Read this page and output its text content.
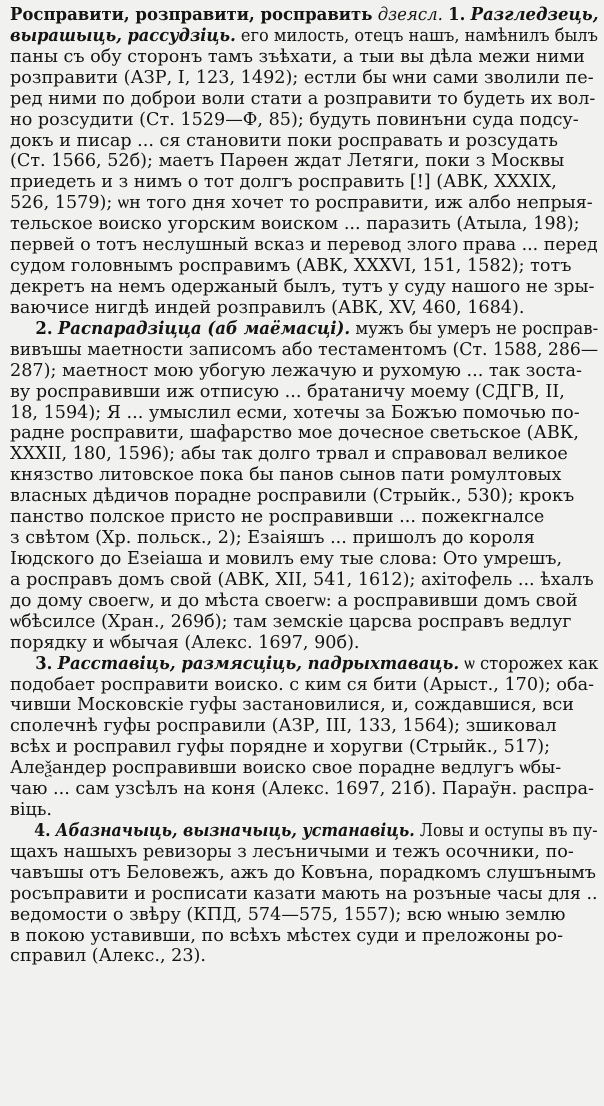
Росправити, розправити, росправить дзеясл. 1. Разгледзець,
вырашыць, рассудзiць. его милость, отецъ нашъ, намѣнилъ былъ
паны съ обу сторонъ тамъ зъѣхати, а тыи вы дѣла межи ними
розправити (АЗР, I, 123, 1492); естли бы ѡни сами зволили пе-
ред ними по доброи воли стати а розправити то будеть их вол-
но розсудити (Ст. 1529—Ф, 85); будуть повинъни суда подсу-
докъ и писар ... ся становити поки росправать и розсудать
(Ст. 1566, 52б); маетъ Парѳен ждат Летяги, поки з Москвы
приедеть и з нимъ о тот долгъ росправить [!] (АВК, XXXIX,
526, 1579); ѡн того дня хочет то росправити, иж албо непрыя-
тельское воиско угорским воиском ... паразить (Атыла, 198);
первей о тотъ неслушный всказ и перевод злого права ... перед
судом головнымъ росправимъ (АВК, XXXVI, 151, 1582); тотъ
декретъ на немъ одержаный былъ, тутъ у суду нашого не зры-
ваючисе нигдѣ индей розправилъ (АВК, XV, 460, 1684).
2. Распарадзiцца (аб маёмасцi). мужъ бы умеръ не росправ-
вивъшы маетности записомъ або тестаментомъ (Ст. 1588, 286—
287); маетност мою убогую лежачую и рухомую ... так зоста-
ву росправивши иж отписую ... братаничу моему (СДГВ, II,
18, 1594); Я ... умыслил есми, хотечы за Божъю помочью по-
радне росправити, шафарство мое дочесное светьское (АВК,
XXXII, 180, 1596); абы так долго трвал и справовал великое
князство литовское пока бы панов сынов пати ромултовых
власных дѣдичов порадне росправили (Стрыйк., 530); крокъ
панство полское присто не росправивши ... пожекгналсе
з свѣтом (Хр. польск., 2); Езаiяшъ ... пришолъ до короля
Iюдского до Езеiаша и мовилъ ему тые слова: Ото умрешъ,
а росправъ домъ свой (АВК, XII, 541, 1612); ахiтофель ... ѣхалъ
до дому своегѡ, и до мѣста своегѡ: а росправивши домъ свой
ѡбѣсилсе (Хран., 269б); там земскiе царсва росправъ ведлуг
порядку и ѡбычая (Алекс. 1697, 90б).
3. Расставiць, размясцiць, падрыхтаваць. ѡ сторожех как
подобает росправити воиско. с ким ся бити (Арыст., 170); оба-
чивши Московскiе гуфы застановилися, и, сождавшися, вси
сполечнѣ гуфы росправили (АЗР, III, 133, 1564); зшиковал
всѣх и росправил гуфы порядне и хоругви (Стрыйк., 517);
Алеѯандер росправивши воиско свое порадне ведлугъ ѡбы-
чаю ... сам узсѣлъ на коня (Алекс. 1697, 21б). Параўн. распра-
вiць.
4. Абазначыць, вызначыць, устанавiць. Ловы и оступы въ пу-
щахъ нашыхъ ревизоры з лесъничыми и тежъ осочники, по-
чавъшы отъ Беловежъ, ажъ до Ковъна, порадкомъ слушънымъ
росъправити и росписати казати мають на розъные часы для ..
ведомости о звѣру (КПД, 574—575, 1557); всю ѡныю землю
в покою уставивши, по всѣхъ мѣстех суди и преложоны ро-
справил (Алекс., 23).
